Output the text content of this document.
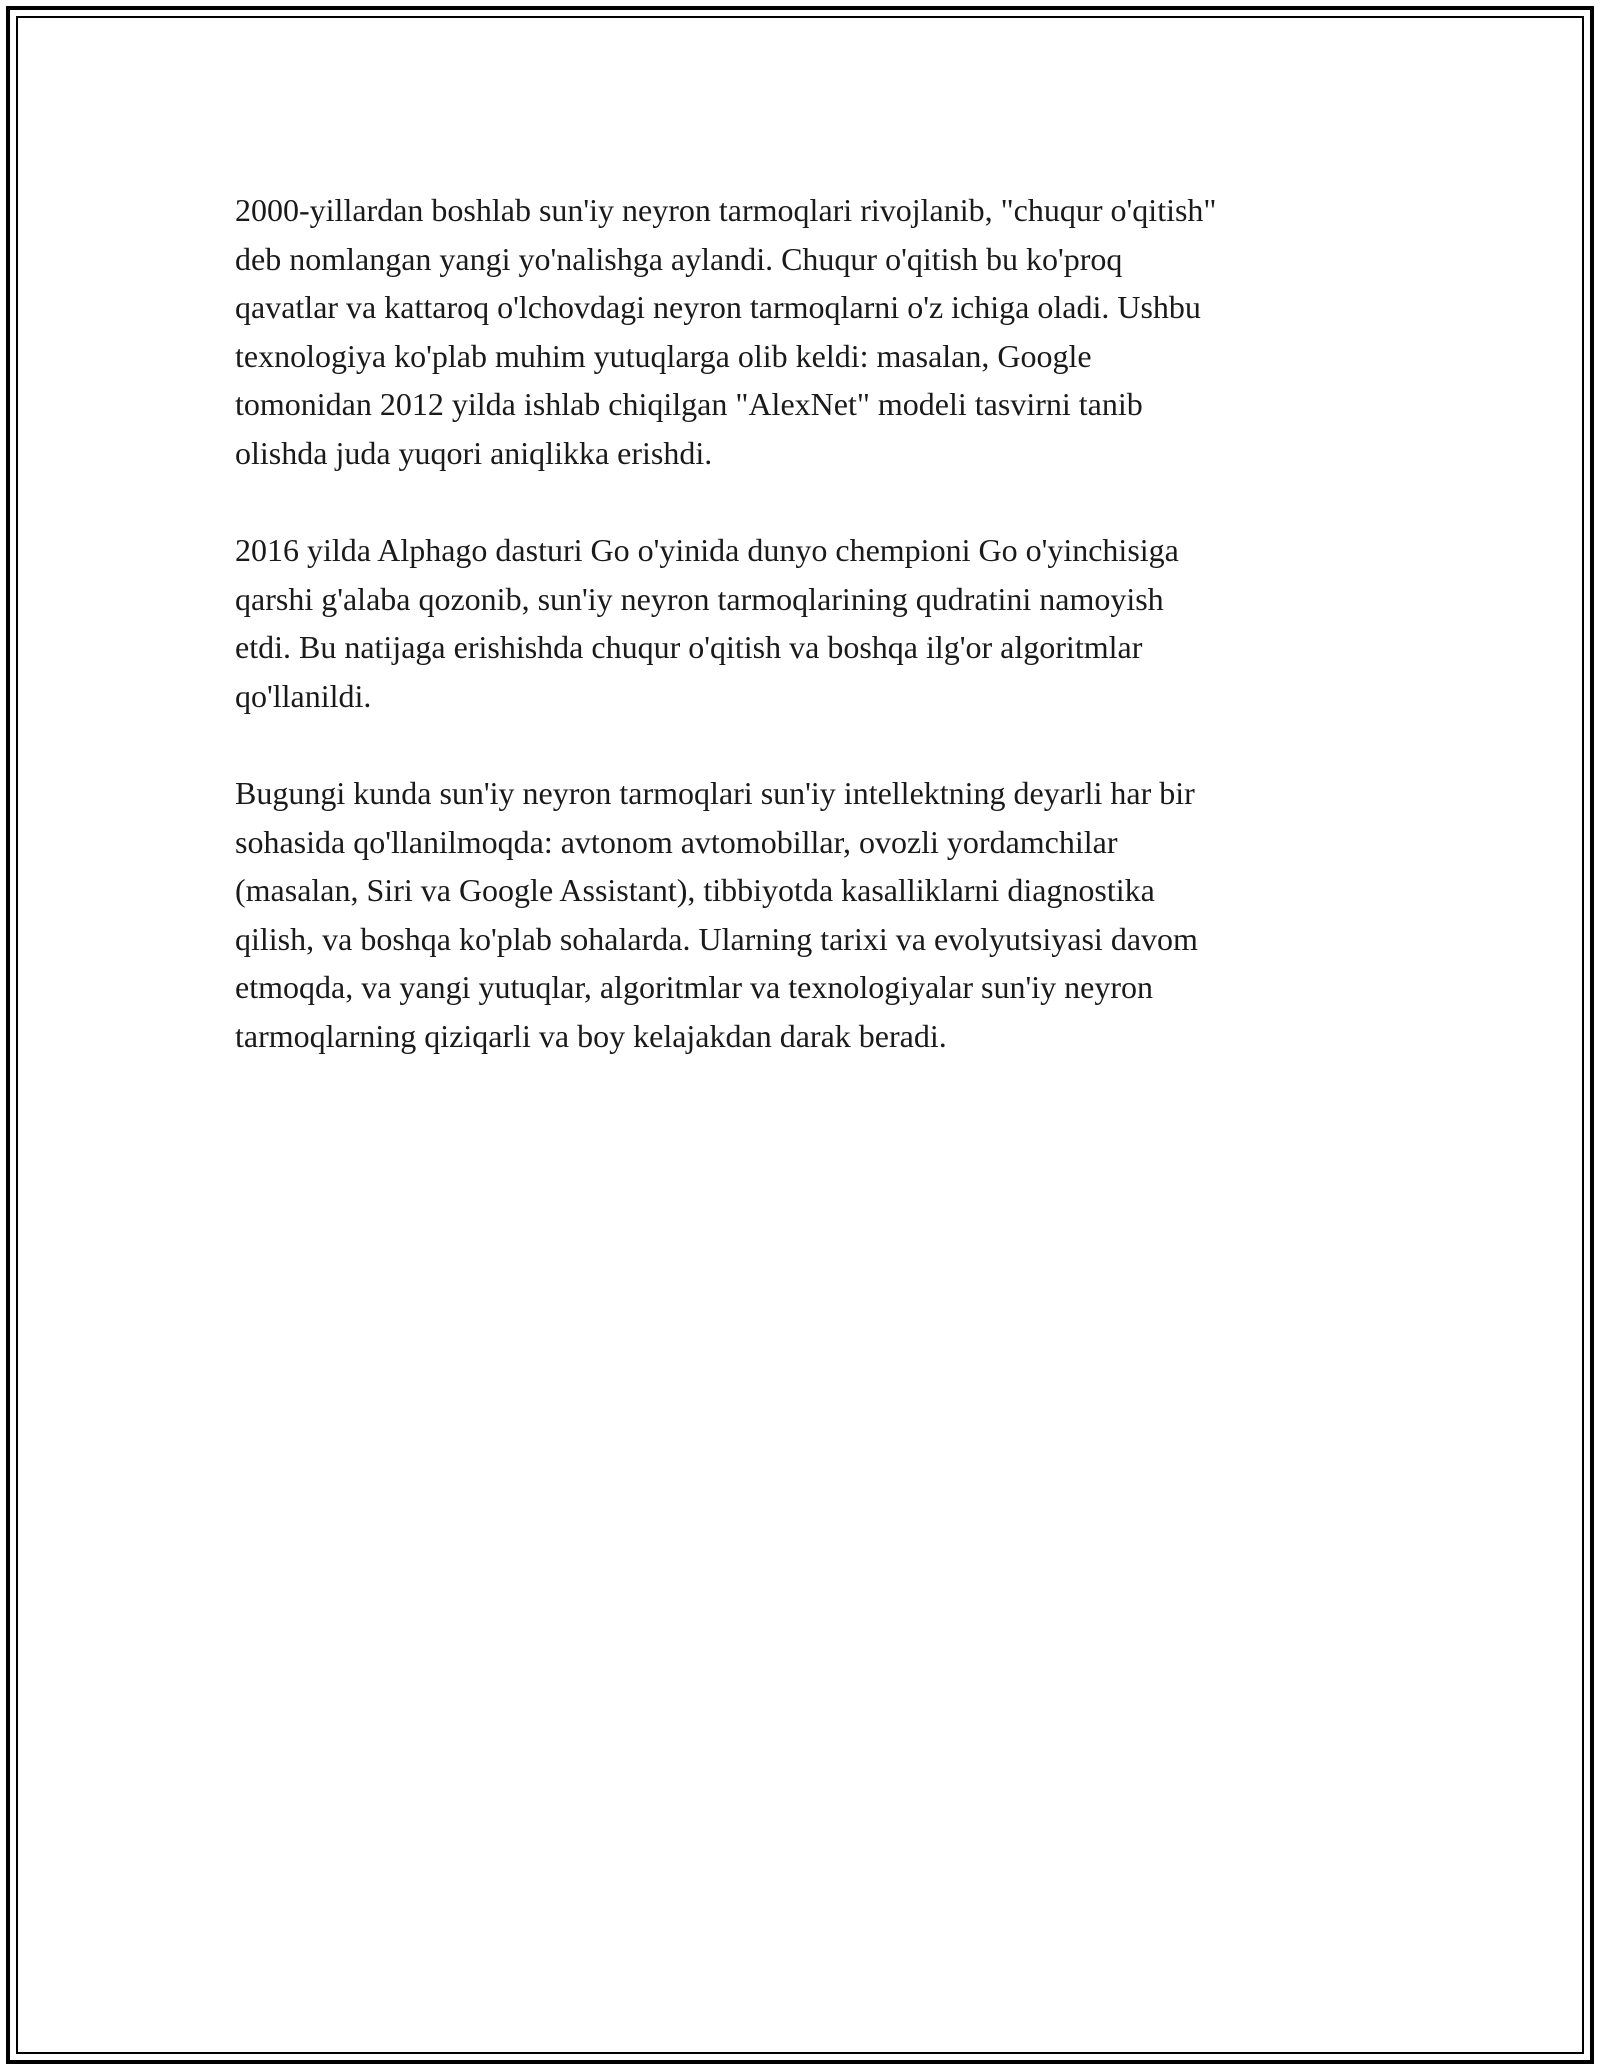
2000-yillardan boshlab sun'iy neyron tarmoqlari rivojlanib, "chuqur o'qitish"
deb nomlangan yangi yo'nalishga aylandi. Chuqur o'qitish bu ko'proq
qavatlar va kattaroq o'lchovdagi neyron tarmoqlarni o'z ichiga oladi. Ushbu
texnologiya ko'plab muhim yutuqlarga olib keldi: masalan, Google
tomonidan 2012 yilda ishlab chiqilgan "AlexNet" modeli tasvirni tanib
olishda juda yuqori aniqlikka erishdi.

2016 yilda Alphago dasturi Go o'yinida dunyo chempioni Go o'yinchisiga
qarshi g'alaba qozonib, sun'iy neyron tarmoqlarining qudratini namoyish
etdi. Bu natijaga erishishda chuqur o'qitish va boshqa ilg'or algoritmlar
qo'llanildi.

Bugungi kunda sun'iy neyron tarmoqlari sun'iy intellektning deyarli har bir
sohasida qo'llanilmoqda: avtonom avtomobillar, ovozli yordamchilar
(masalan, Siri va Google Assistant), tibbiyotda kasalliklarni diagnostika
qilish, va boshqa ko'plab sohalarda. Ularning tarixi va evolyutsiyasi davom
etmoqda, va yangi yutuqlar, algoritmlar va texnologiyalar sun'iy neyron
tarmoqlarning qiziqarli va boy kelajakdan darak beradi.
